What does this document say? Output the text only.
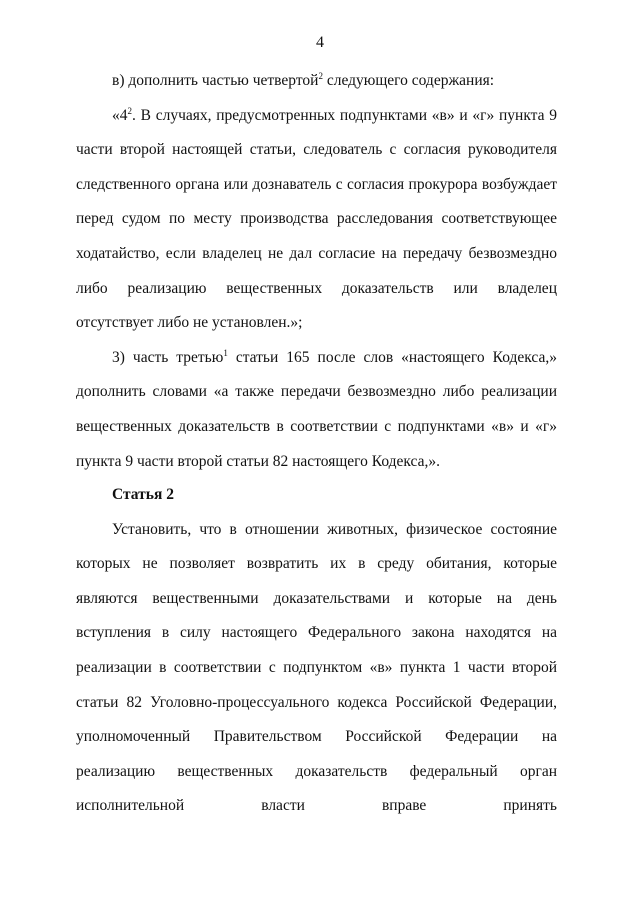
4

в) дополнить частью четвертой$^2$ следующего содержания:

«$4^2$. В случаях, предусмотренных подпунктами «в» и «г» пункта 9 части второй настоящей статьи, следователь с согласия руководителя следственного органа или дознаватель с согласия прокурора возбуждает перед судом по месту производства расследования соответствующее ходатайство, если владелец не дал согласие на передачу безвозмездно либо реализацию вещественных доказательств или владелец отсутствует либо не установлен.»;

3) часть третью$^1$ статьи 165 после слов «настоящего Кодекса,» дополнить словами «а также передачи безвозмездно либо реализации вещественных доказательств в соответствии с подпунктами «в» и «г» пункта 9 части второй статьи 82 настоящего Кодекса,».

Статья 2

Установить, что в отношении животных, физическое состояние которых не позволяет возвратить их в среду обитания, которые являются вещественными доказательствами и которые на день вступления в силу настоящего Федерального закона находятся на реализации в соответствии с подпунктом «в» пункта 1 части второй статьи 82 Уголовно-процессуального кодекса Российской Федерации, уполномоченный Правительством Российской Федерации на реализацию вещественных доказательств федеральный орган исполнительной власти вправе принять
